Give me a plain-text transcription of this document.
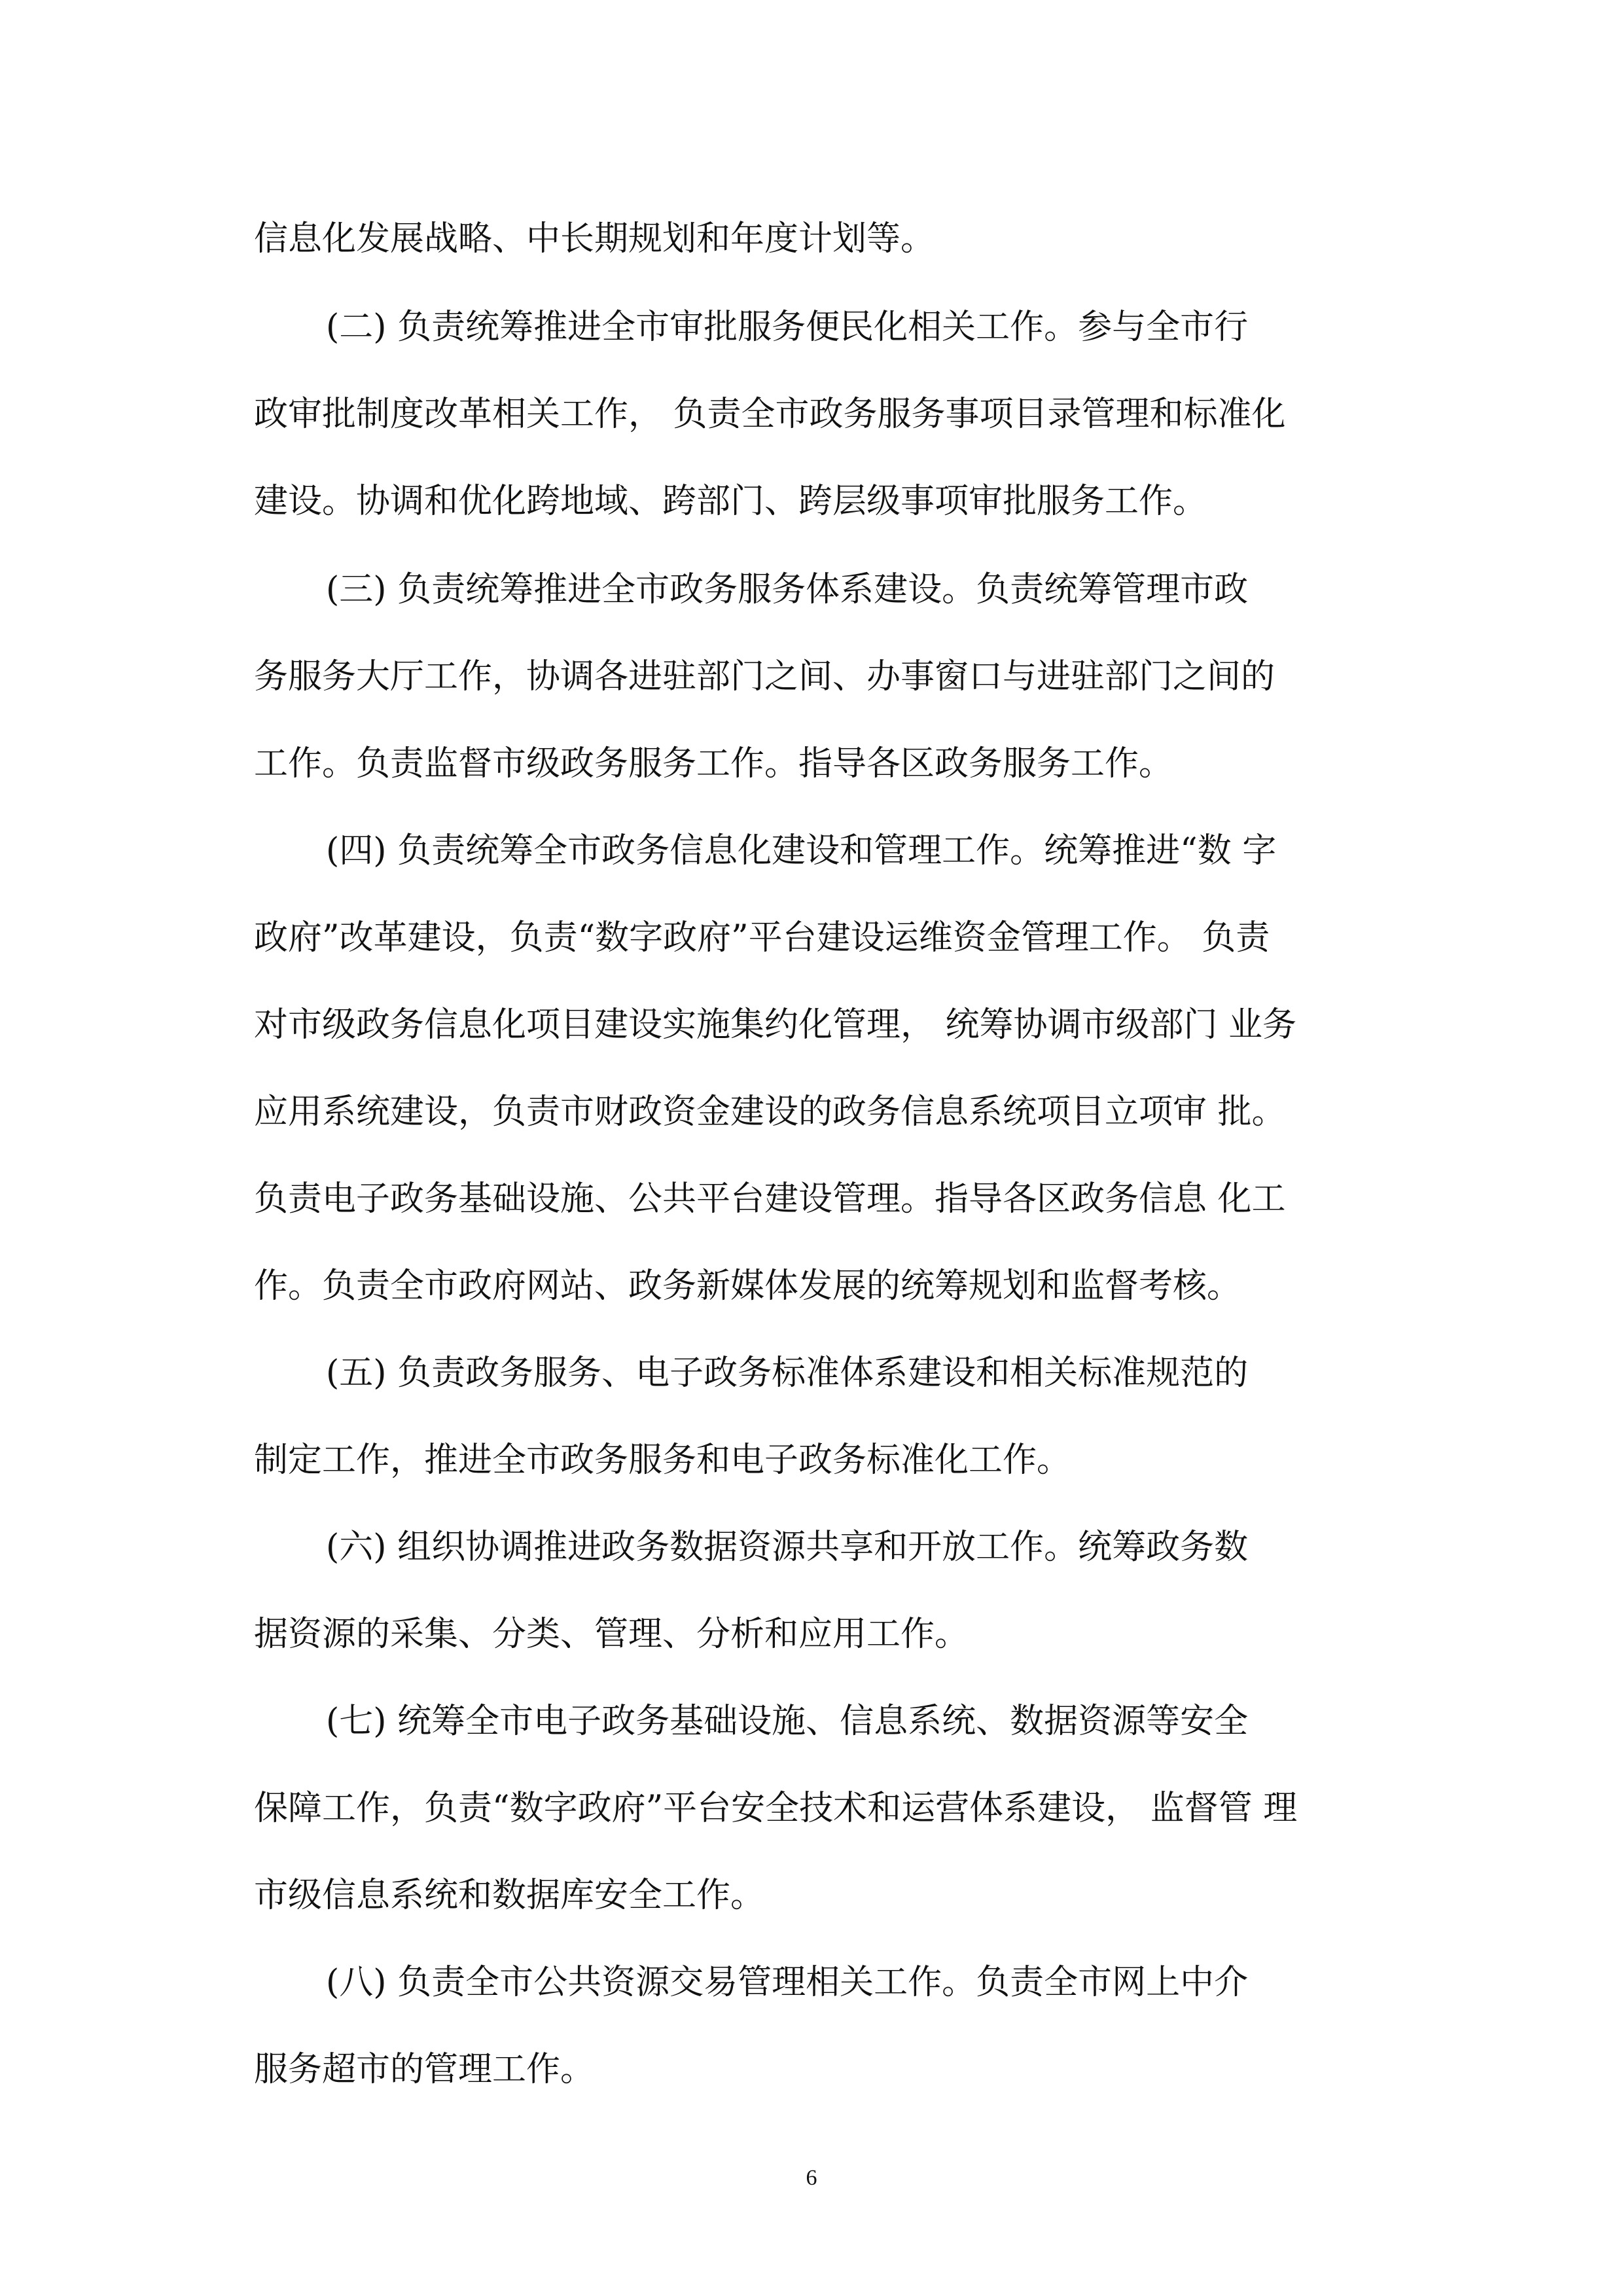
信息化发展战略、中长期规划和年度计划等。

(二) 负责统筹推进全市审批服务便民化相关工作。参与全市行

政审批制度改革相关工作， 负责全市政务服务事项目录管理和标准化

建设。协调和优化跨地域、跨部门、跨层级事项审批服务工作。

(三) 负责统筹推进全市政务服务体系建设。负责统筹管理市政

务服务大厅工作，协调各进驻部门之间、办事窗口与进驻部门之间的

工作。负责监督市级政务服务工作。指导各区政务服务工作。

(四) 负责统筹全市政务信息化建设和管理工作。统筹推进“数 字

政府”改革建设，负责“数字政府”平台建设运维资金管理工作。 负责

对市级政务信息化项目建设实施集约化管理， 统筹协调市级部门 业务

应用系统建设，负责市财政资金建设的政务信息系统项目立项审 批。

负责电子政务基础设施、公共平台建设管理。指导各区政务信息 化工

作。负责全市政府网站、政务新媒体发展的统筹规划和监督考核。

(五) 负责政务服务、电子政务标准体系建设和相关标准规范的

制定工作，推进全市政务服务和电子政务标准化工作。

(六) 组织协调推进政务数据资源共享和开放工作。统筹政务数

据资源的采集、分类、管理、分析和应用工作。

(七) 统筹全市电子政务基础设施、信息系统、数据资源等安全

保障工作，负责“数字政府”平台安全技术和运营体系建设， 监督管 理

市级信息系统和数据库安全工作。

(八) 负责全市公共资源交易管理相关工作。负责全市网上中介

服务超市的管理工作。

6
